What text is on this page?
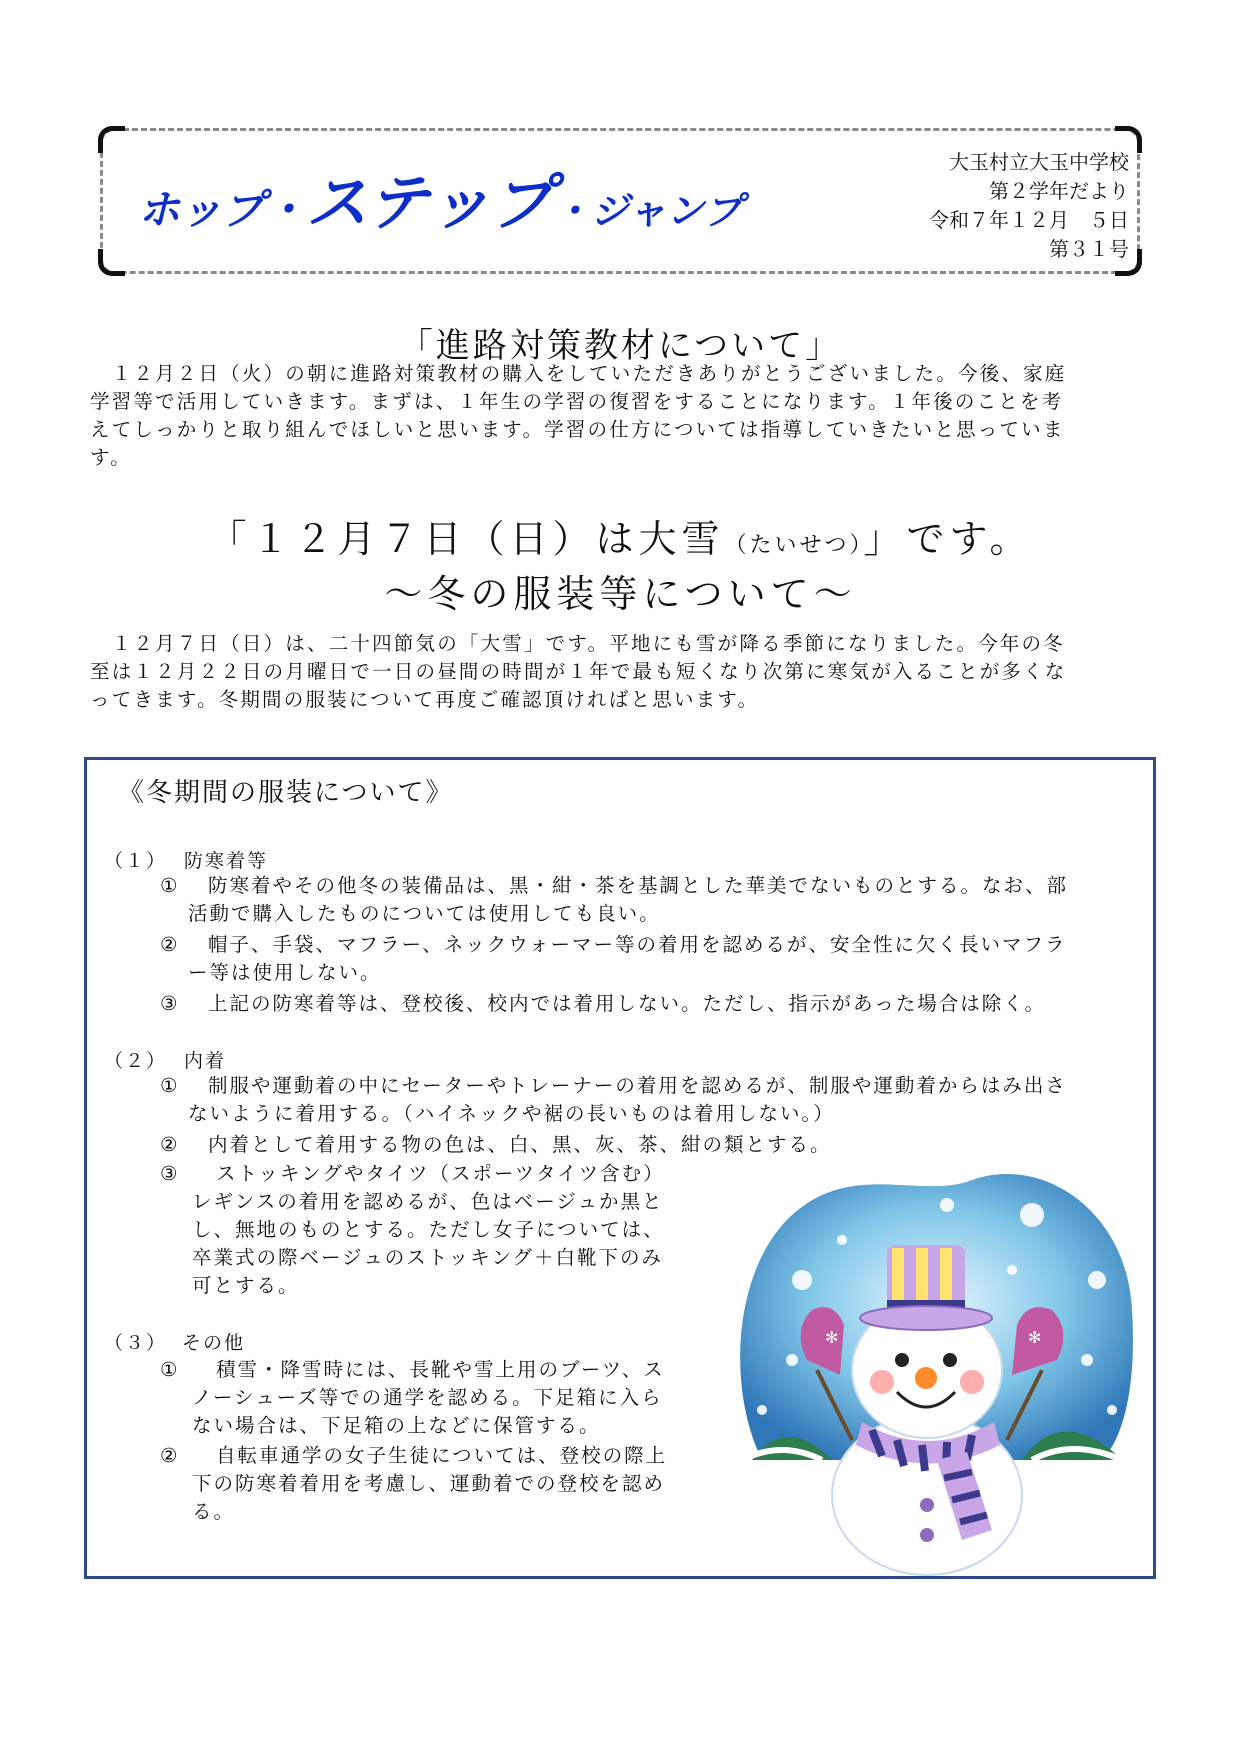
ホップ・ステップ・ジャンプ
大玉村立大玉中学校
第２学年だより
令和７年１２月　５日
第３１号
「進路対策教材について」
　１２月２日（火）の朝に進路対策教材の購入をしていただきありがとうございました。今後、家庭
学習等で活用していきます。まずは、１年生の学習の復習をすることになります。１年後のことを考
えてしっかりと取り組んでほしいと思います。学習の仕方については指導していきたいと思っていま
す。
「１２月７日（日）は大雪（たいせつ）」です。
～冬の服装等について～
　１２月７日（日）は、二十四節気の「大雪」です。平地にも雪が降る季節になりました。今年の冬
至は１２月２２日の月曜日で一日の昼間の時間が１年で最も短くなり次第に寒気が入ることが多くな
ってきます。冬期間の服装について再度ご確認頂ければと思います。
《冬期間の服装について》
（１） 防寒着等
① 防寒着やその他冬の装備品は、黒・紺・茶を基調とした華美でないものとする。なお、部
活動で購入したものについては使用しても良い。
② 帽子、手袋、マフラー、ネックウォーマー等の着用を認めるが、安全性に欠く長いマフラ
ー等は使用しない。
③ 上記の防寒着等は、登校後、校内では着用しない。ただし、指示があった場合は除く。
（２） 内着
① 制服や運動着の中にセーターやトレーナーの着用を認めるが、制服や運動着からはみ出さ
ないように着用する。（ハイネックや裾の長いものは着用しない。）
② 内着として着用する物の色は、白、黒、灰、茶、紺の類とする。
③ ストッキングやタイツ（スポーツタイツ含む）
レギンスの着用を認めるが、色はベージュか黒と
し、無地のものとする。ただし女子については、
卒業式の際ベージュのストッキング＋白靴下のみ
可とする。
（３） その他
① 積雪・降雪時には、長靴や雪上用のブーツ、ス
ノーシューズ等での通学を認める。下足箱に入ら
ない場合は、下足箱の上などに保管する。
② 自転車通学の女子生徒については、登校の際上
下の防寒着着用を考慮し、運動着での登校を認め
る。
✻	✻
